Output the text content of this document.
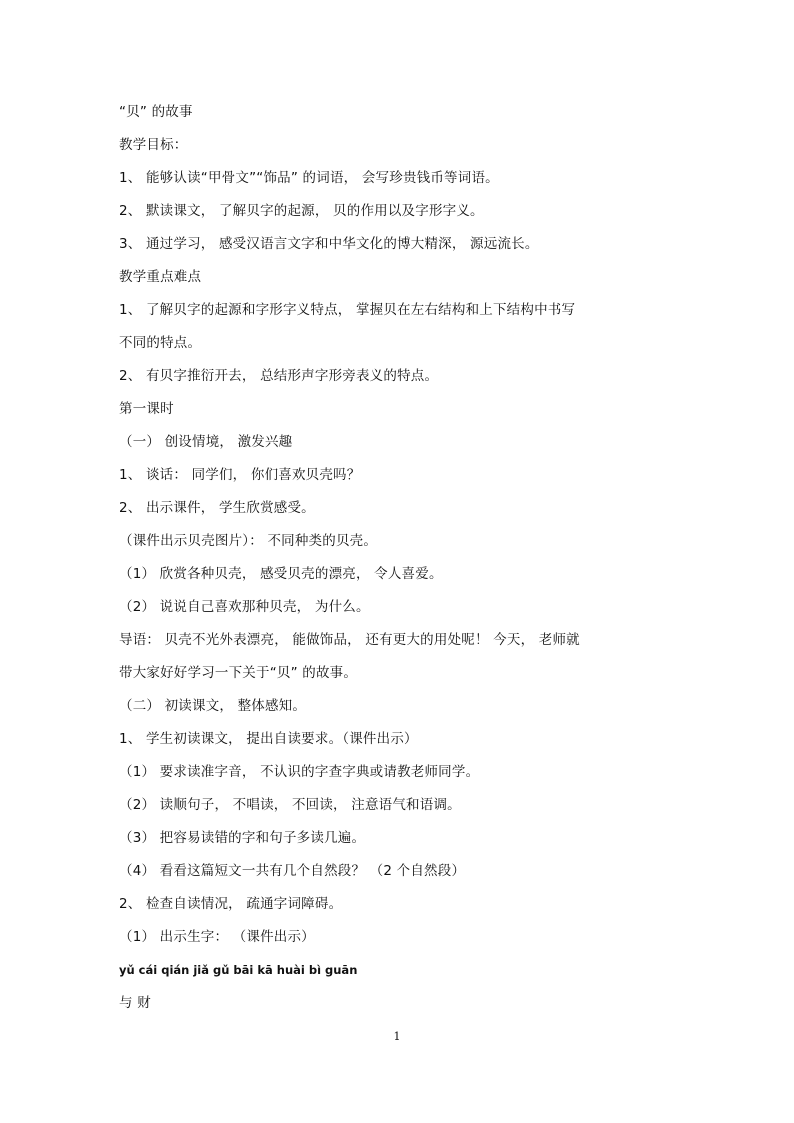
“贝” 的故事
教学目标：
1、 能够认读“甲骨文”“饰品” 的词语， 会写珍贵钱币等词语。
2、 默读课文， 了解贝字的起源， 贝的作用以及字形字义。
3、 通过学习， 感受汉语言文字和中华文化的博大精深， 源远流长。
教学重点难点
1、 了解贝字的起源和字形字义特点， 掌握贝在左右结构和上下结构中书写
不同的特点。
2、 有贝字推衍开去， 总结形声字形旁表义的特点。
第一课时
（一） 创设情境， 激发兴趣
1、 谈话： 同学们， 你们喜欢贝壳吗？
2、 出示课件， 学生欣赏感受。
（课件出示贝壳图片）： 不同种类的贝壳。
（1） 欣赏各种贝壳， 感受贝壳的漂亮， 令人喜爱。
（2） 说说自己喜欢那种贝壳， 为什么。
导语： 贝壳不光外表漂亮， 能做饰品， 还有更大的用处呢！ 今天， 老师就
带大家好好学习一下关于“贝” 的故事。
（二） 初读课文， 整体感知。
1、 学生初读课文， 提出自读要求。（课件出示）
（1） 要求读准字音， 不认识的字查字典或请教老师同学。
（2） 读顺句子， 不唱读， 不回读， 注意语气和语调。
（3） 把容易读错的字和句子多读几遍。
（4） 看看这篇短文一共有几个自然段？ （2 个自然段）
2、 检查自读情况， 疏通字词障碍。
（1） 出示生字： （课件出示）
yǔ cái qián jiǎ gǔ bāi kā huài bì guān
与 财
1
